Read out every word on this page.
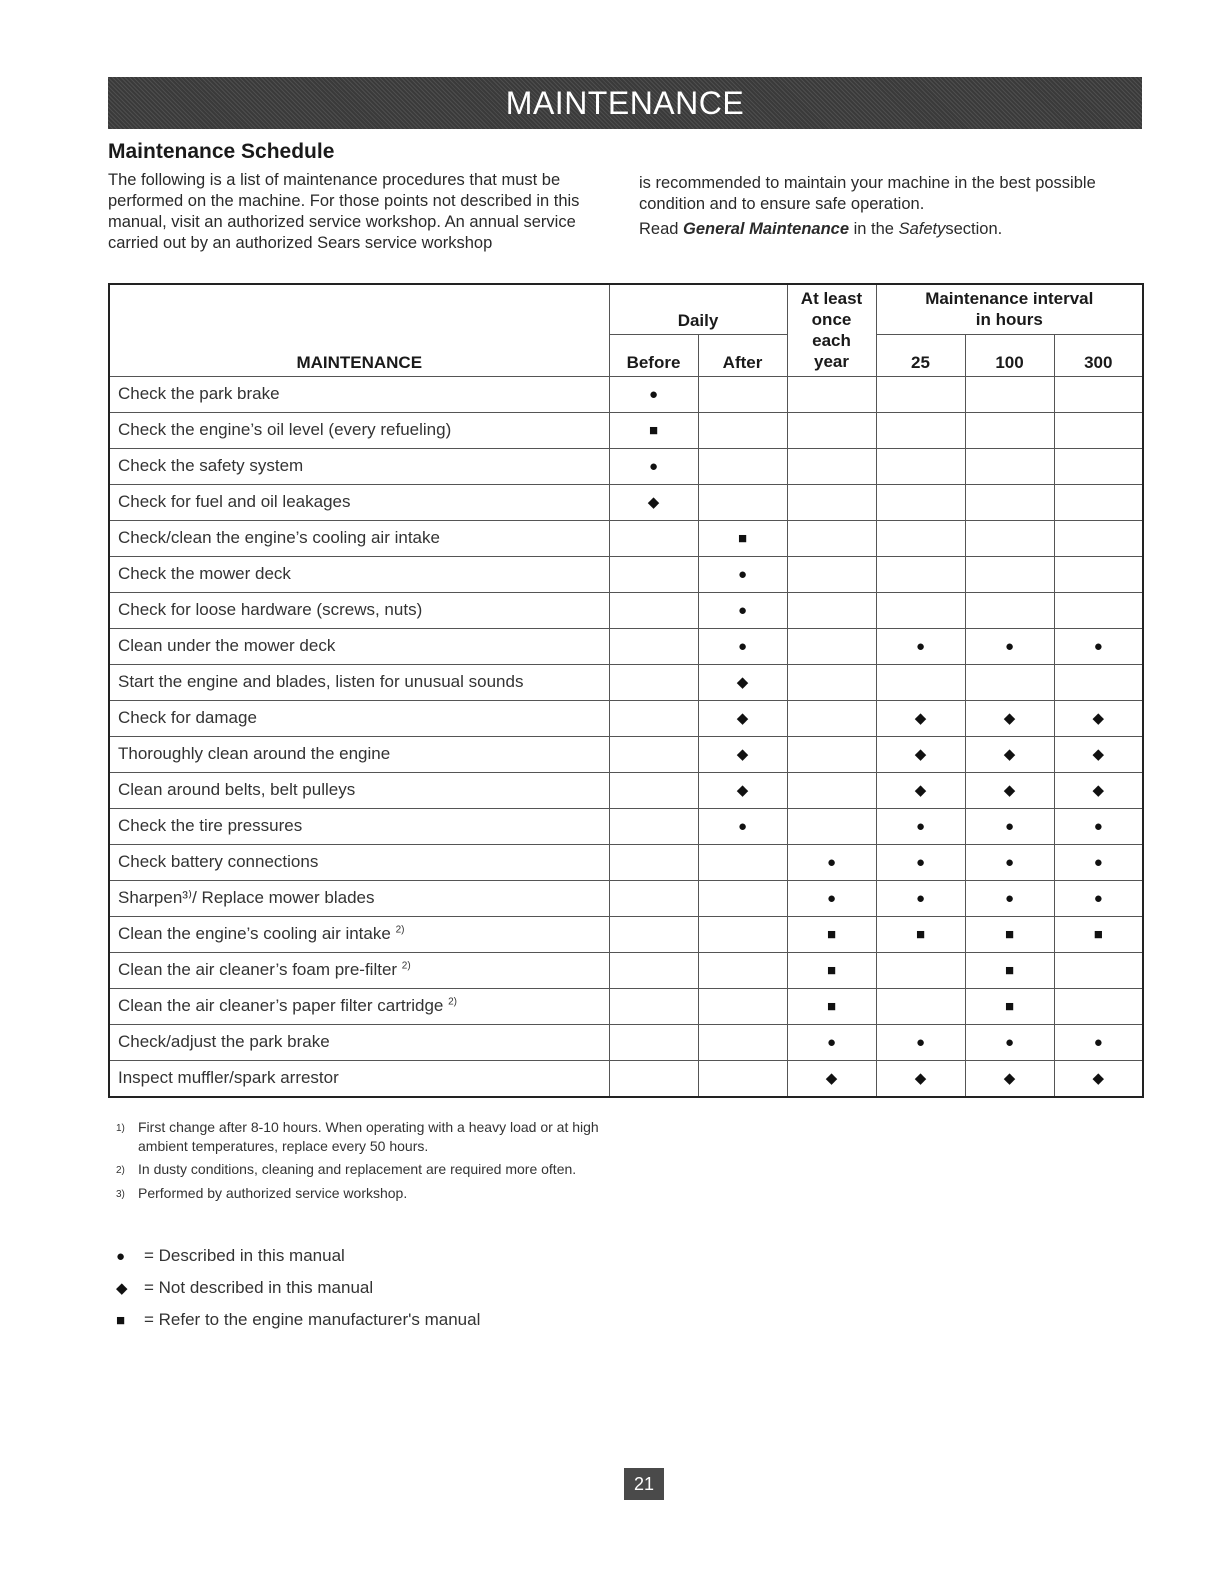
MAINTENANCE
Maintenance Schedule

The following is a list of maintenance procedures that must be performed on the machine. For those points not described in this manual, visit an authorized service workshop. An annual service carried out by an authorized Sears service workshop

is recommended to maintain your machine in the best possible condition and to ensure safe operation.

Read General Maintenance in the Safetysection.

MAINTENANCE	Daily		At least once each year	Maintenance interval in hours		
	Before	After		25	100	300
Check the park brake	●					
Check the engine’s oil level (every refueling)	■					
Check the safety system	●					
Check for fuel and oil leakages	◆					
Check/clean the engine’s cooling air intake		■				
Check the mower deck		●				
Check for loose hardware (screws, nuts)		●				
Clean under the mower deck		●		●	●	●
Start the engine and blades, listen for unusual sounds		◆				
Check for damage		◆		◆	◆	◆
Thoroughly clean around the engine		◆		◆	◆	◆
Clean around belts, belt pulleys		◆		◆	◆	◆
Check the tire pressures		●		●	●	●
Check battery connections			●	●	●	●
Sharpen³⁾/ Replace mower blades			●	●	●	●
Clean the engine’s cooling air intake $^{2)}$			■	■	■	■
Clean the air cleaner’s foam pre-filter $^{2)}$			■		■	
Clean the air cleaner’s paper filter cartridge $^{2)}$			■		■	
Check/adjust the park brake			●	●	●	●
Inspect muffler/spark arrestor			◆	◆	◆	◆
1) First change after 8-10 hours. When operating with a heavy load or at high ambient temperatures, replace every 50 hours.
2) In dusty conditions, cleaning and replacement are required more often.
3) Performed by authorized service workshop.
●	= Described in this manual
◆ = Not described in this manual
■	= Refer to the engine manufacturer's manual
21
